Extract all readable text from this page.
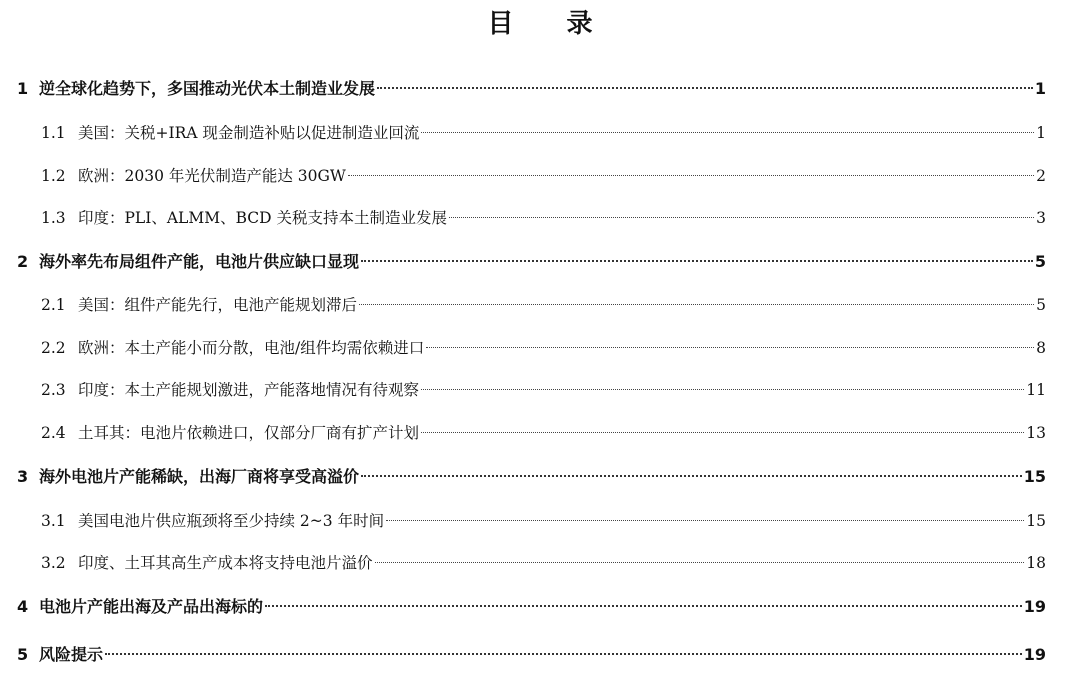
目 录
1 逆全球化趋势下，多国推动光伏本土制造业发展	1
1.1 美国：关税+IRA 现金制造补贴以促进制造业回流	1
1.2 欧洲：2030 年光伏制造产能达 30GW	2
1.3 印度：PLI、ALMM、BCD 关税支持本土制造业发展	3
2 海外率先布局组件产能，电池片供应缺口显现	5
2.1 美国：组件产能先行，电池产能规划滞后	5
2.2 欧洲：本土产能小而分散，电池/组件均需依赖进口	8
2.3 印度：本土产能规划激进，产能落地情况有待观察	11
2.4 土耳其：电池片依赖进口，仅部分厂商有扩产计划	13
3 海外电池片产能稀缺，出海厂商将享受高溢价	15
3.1 美国电池片供应瓶颈将至少持续 2~3 年时间	15
3.2 印度、土耳其高生产成本将支持电池片溢价	18
4 电池片产能出海及产品出海标的	19
5 风险提示	19
